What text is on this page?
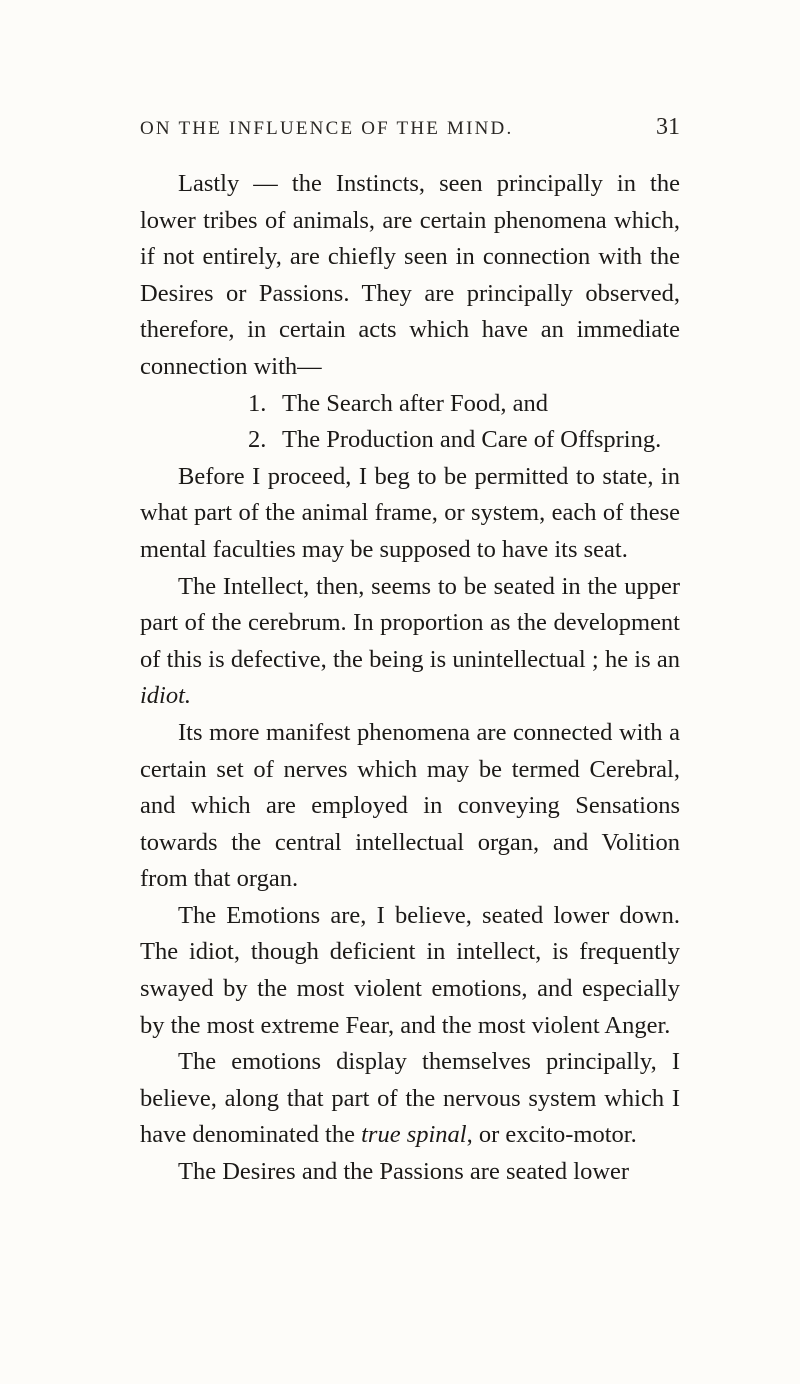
ON THE INFLUENCE OF THE MIND.	31

Lastly — the Instincts, seen principally in the lower tribes of animals, are certain phenomena which, if not entirely, are chiefly seen in connection with the Desires or Passions. They are principally observed, therefore, in certain acts which have an immediate connection with—

1. The Search after Food, and

2. The Production and Care of Offspring.

Before I proceed, I beg to be permitted to state, in what part of the animal frame, or system, each of these mental faculties may be supposed to have its seat.

The Intellect, then, seems to be seated in the upper part of the cerebrum. In proportion as the development of this is defective, the being is unintellectual ; he is an idiot.

Its more manifest phenomena are connected with a certain set of nerves which may be termed Cerebral, and which are employed in conveying Sensations towards the central intellectual organ, and Volition from that organ.

The Emotions are, I believe, seated lower down. The idiot, though deficient in intellect, is frequently swayed by the most violent emotions, and especially by the most extreme Fear, and the most violent Anger.

The emotions display themselves principally, I believe, along that part of the nervous system which I have denominated the true spinal, or excito-motor.

The Desires and the Passions are seated lower
